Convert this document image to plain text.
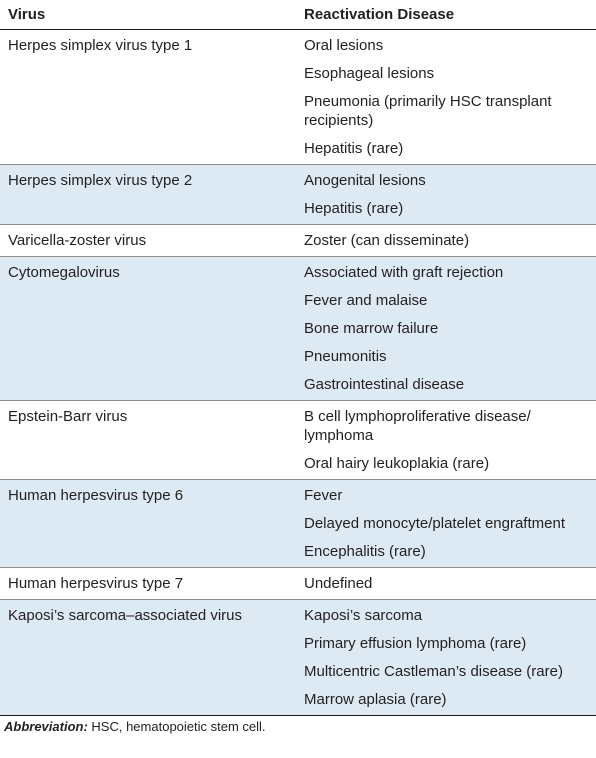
Virus	Reactivation Disease
Herpes simplex virus type 1	Oral lesions
Esophageal lesions
Pneumonia (primarily HSC transplant recipients)
Hepatitis (rare)

Herpes simplex virus type 2	Anogenital lesions
Hepatitis (rare)

Varicella-zoster virus	Zoster (can disseminate)

Cytomegalovirus	Associated with graft rejection
Fever and malaise
Bone marrow failure
Pneumonitis
Gastrointestinal disease

Epstein-Barr virus	B cell lymphoproliferative disease/ lymphoma
Oral hairy leukoplakia (rare)

Human herpesvirus type 6	Fever
Delayed monocyte/platelet engraftment
Encephalitis (rare)

Human herpesvirus type 7	Undefined

Kaposi’s sarcoma–associated virus	Kaposi’s sarcoma
Primary effusion lymphoma (rare)
Multicentric Castleman’s disease (rare)
Marrow aplasia (rare)
Abbreviation: HSC, hematopoietic stem cell.
